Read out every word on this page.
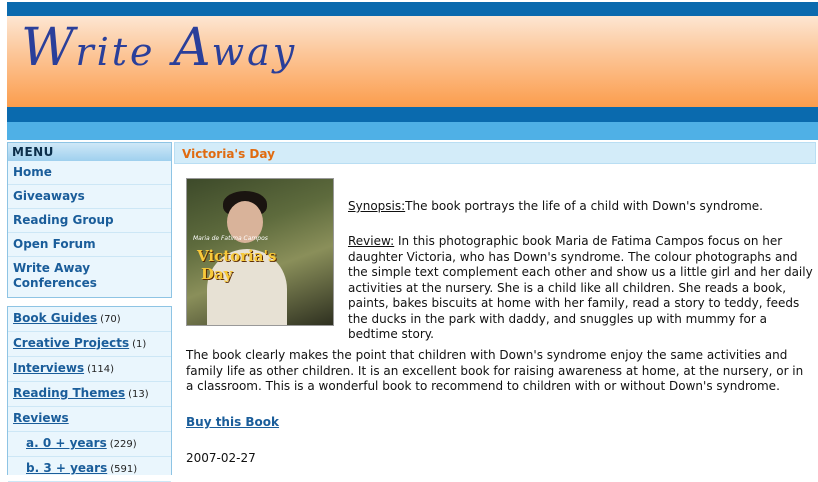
Write Away
MENU
Home
Giveaways
Reading Group
Open Forum
Write Away Conferences
Book Guides (70)
Creative Projects (1)
Interviews (114)
Reading Themes (13)
Reviews
a. 0 + years (229)
b. 3 + years (591)
Victoria's Day
Maria de Fatima Campos
Victoria's
Day
Synopsis:The book portrays the life of a child with Down's syndrome.
Review: In this photographic book Maria de Fatima Campos focus on her daughter Victoria, who has Down's syndrome. The colour photographs and the simple text complement each other and show us a little girl and her daily activities at the nursery. She is a child like all children. She reads a book, paints, bakes biscuits at home with her family, read a story to teddy, feeds the ducks in the park with daddy, and snuggles up with mummy for a bedtime story.
The book clearly makes the point that children with Down's syndrome enjoy the same activities and family life as other children. It is an excellent book for raising awareness at home, at the nursery, or in a classroom. This is a wonderful book to recommend to children with or without Down's syndrome.
Buy this Book
2007-02-27
